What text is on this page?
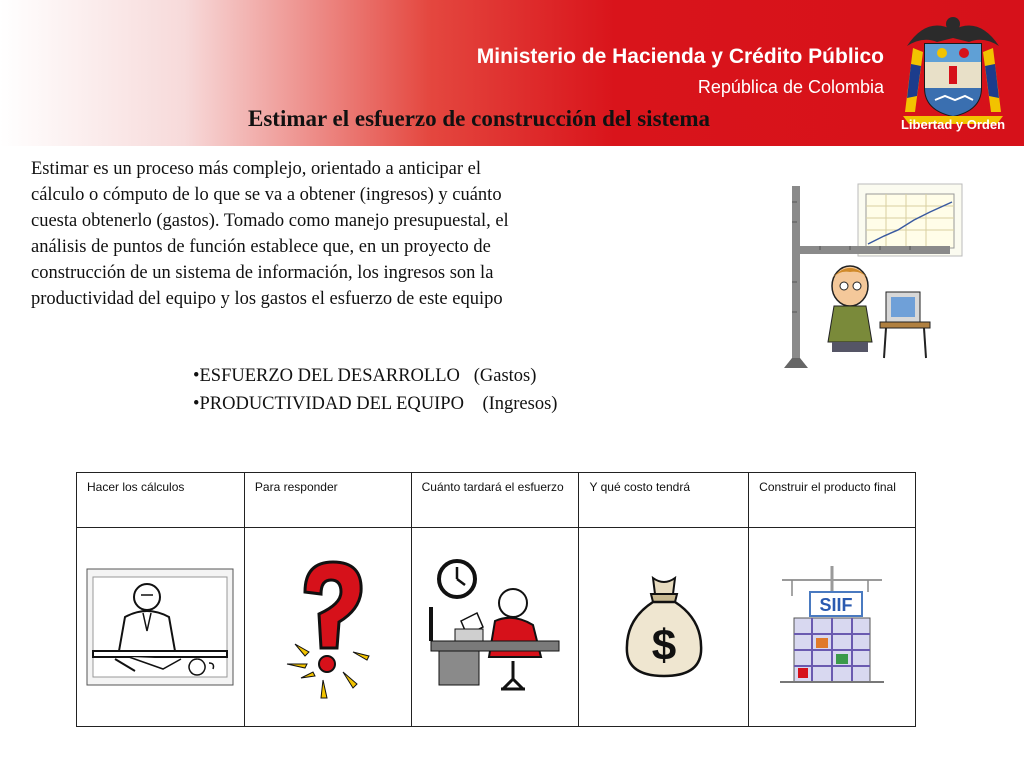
Ministerio de Hacienda y Crédito Público
República de Colombia
Estimar el esfuerzo de construcción del sistema	Libertad y Orden

Estimar es un proceso más complejo, orientado a anticipar el
cálculo o cómputo de lo que se va a obtener (ingresos) y cuánto
cuesta obtenerlo (gastos). Tomado como manejo presupuestal, el
análisis de puntos de función establece que, en un proyecto de
construcción de un sistema de información, los ingresos son la
productividad del equipo y los gastos el esfuerzo de este equipo

•ESFUERZO DEL DESARROLLO   (Gastos)
•PRODUCTIVIDAD DEL EQUIPO    (Ingresos)
Hacer los cálculos	Para responder	Cuánto tardará el esfuerzo	Y qué costo tendrá	Construir el producto final

$	SIIF
